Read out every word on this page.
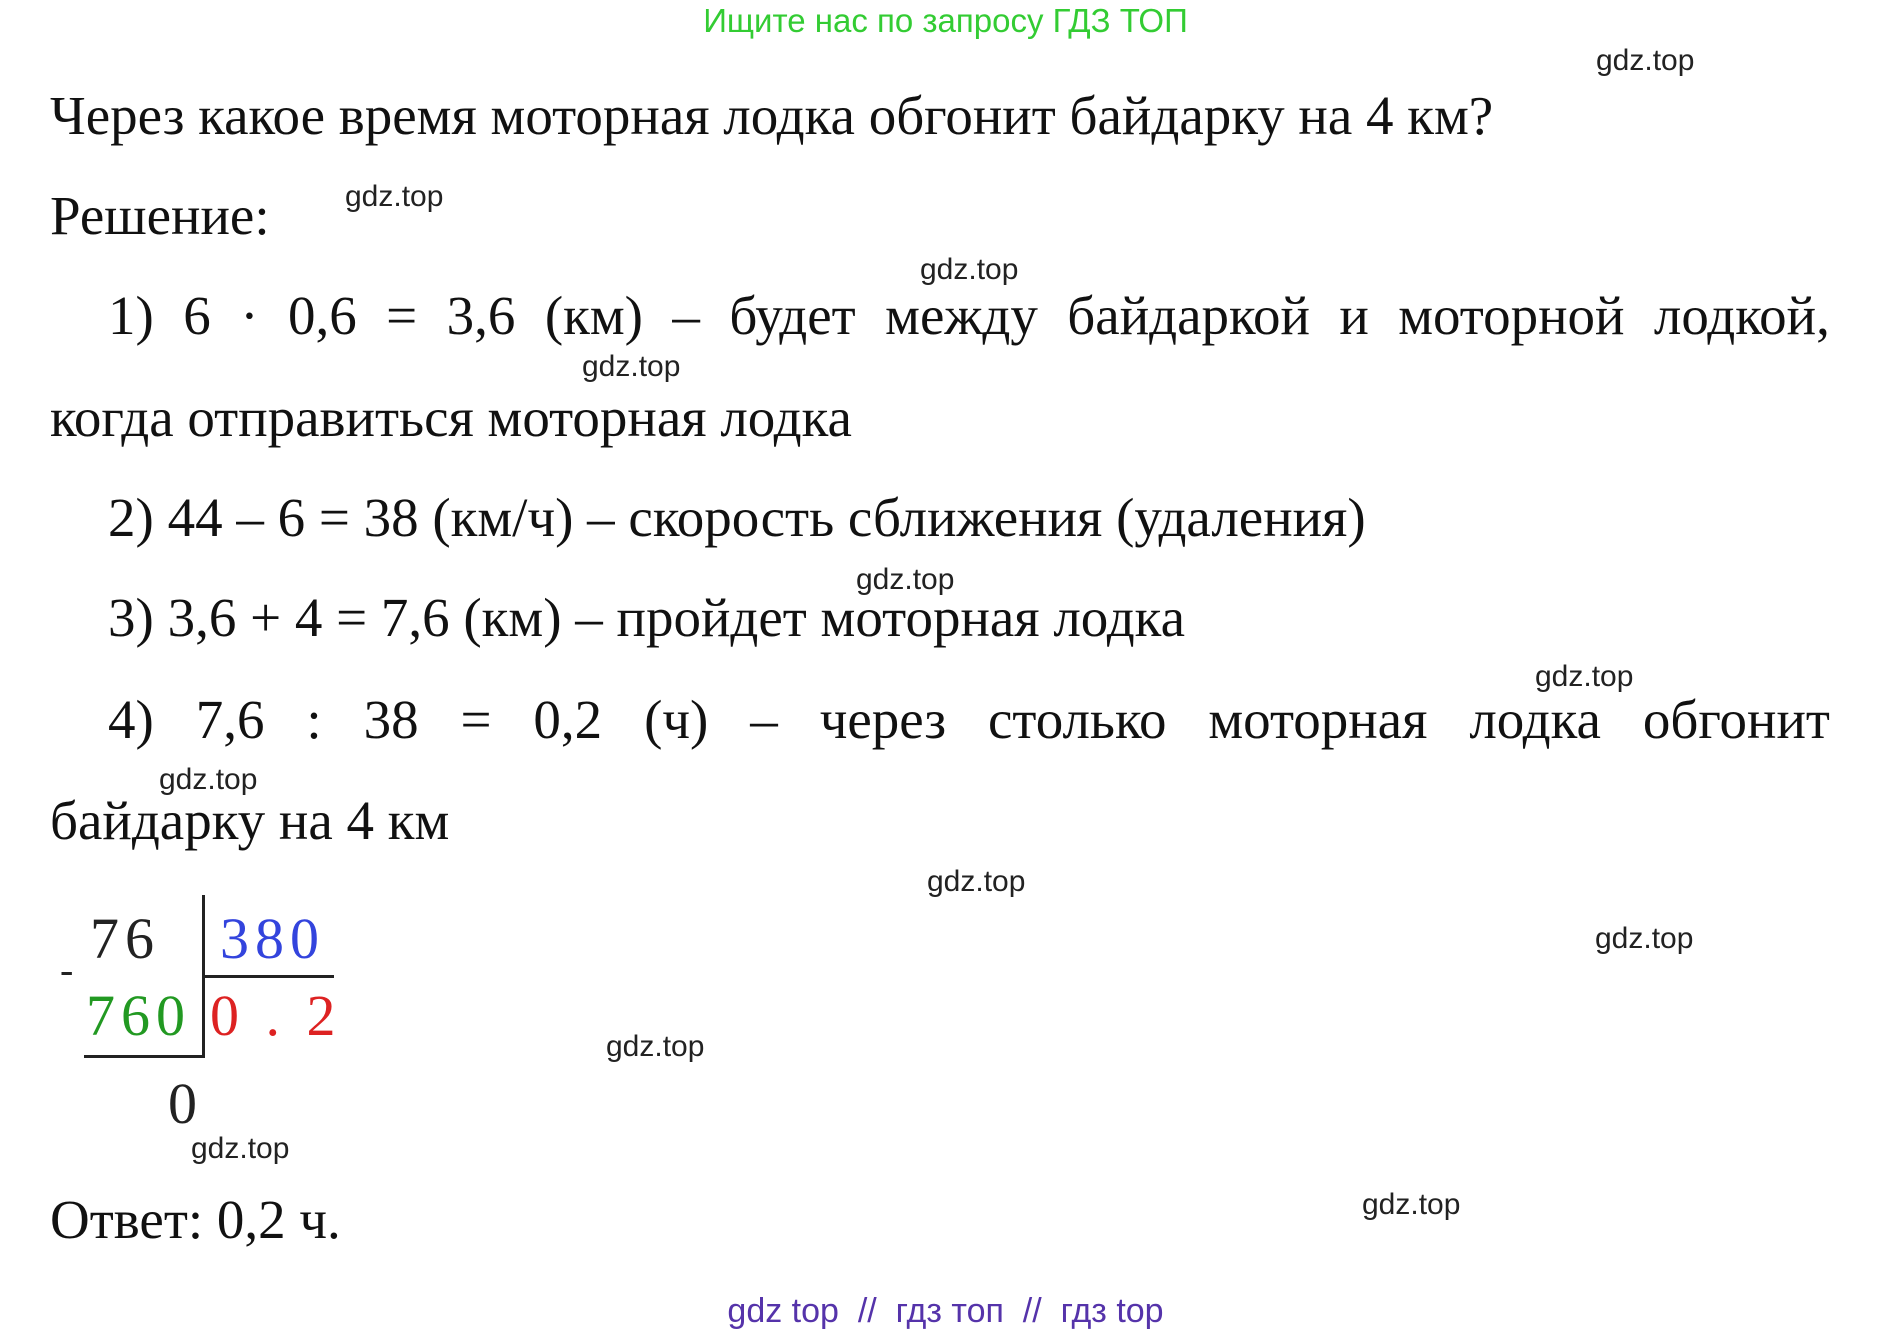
Ищите нас по запросу ГДЗ ТОП
gdz.top
gdz.top
gdz.top
gdz.top
gdz.top
gdz.top
gdz.top
gdz.top
gdz.top
gdz.top
gdz.top
gdz.top
Через какое время моторная лодка обгонит байдарку на 4 км?
Решение:
1) 6 · 0,6 = 3,6 (км) – будет между байдаркой и моторной лодкой,
когда отправиться моторная лодка
2) 44 – 6 = 38 (км/ч) – скорость сближения (удаления)
3) 3,6 + 4 = 7,6 (км) – пройдет моторная лодка
4) 7,6 : 38 = 0,2 (ч) – через столько моторная лодка обгонит
байдарку на 4 км
76 380
-
760 0 . 2
0
Ответ: 0,2 ч.
gdz top  //  гдз топ  //  гдз top
